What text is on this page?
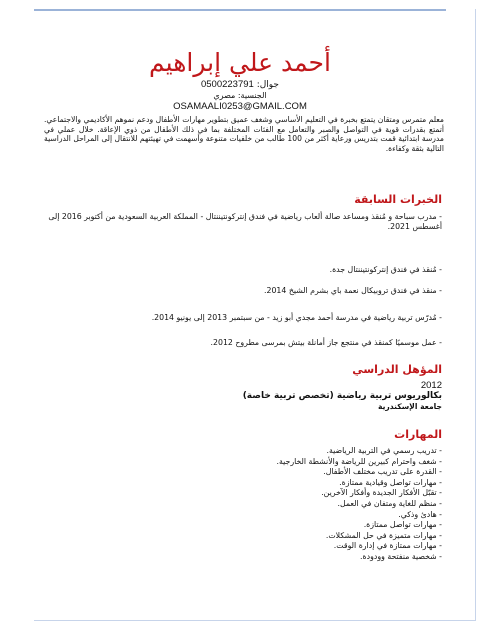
أحمد علي إبراهيم
جوال: 0500223791
الجنسية: مصري
OSAMAALI0253@GMAIL.COM
معلم متمرس ومتقان يتمتع بخبرة في التعليم الأساسي وشغف عميق بتطوير مهارات الأطفال ودعم نموهم الأكاديمي والاجتماعي. أتمتع بقدرات قوية في التواصل والصبر والتعامل مع الفئات المختلفة بما في ذلك الأطفال من ذوي الإعاقة. خلال عملي في مدرسة ابتدائية قمت بتدريس ورعاية أكثر من 100 طالب من خلفيات متنوعة وأسهمت في تهيئتهم للانتقال إلى المراحل الدراسية التالية بثقة وكفاءة.
الخبرات السابقة
- مدرب سباحة و مُنقذ ومساعد صالة ألعاب رياضية في فندق إنتركونتيننتال - المملكة العربية السعودية من أكتوبر 2016 إلى أغسطس 2021.
- مُنقذ في فندق إنتركونتيننتال جدة.
- منقذ في فندق تروبيكال نعمة باي بشرم الشيخ 2014.
- مُدرّس تربية رياضية في مدرسة أحمد مجدي أبو زيد - من سبتمبر 2013 إلى يونيو 2014.
- عمل موسميًا كمنقذ في منتجع جاز أمانلة بيتش بمرسى مطروح 2012.
المؤهل الدراسي
2012
بكالوريوس تربية رياضية (تخصص تربية خاصة)
جامعة الإسكندرية
المهارات
- تدريب رسمي في التربية الرياضية.
- شغف واحترام كبيرين للرياضة والأنشطة الخارجية.
- القدرة على تدريب مختلف الأطفال.
- مهارات تواصل وقيادية ممتازة.
- تقبّل الأفكار الجديدة وأفكار الآخرين.
- منظم للغاية ومتفان في العمل.
- هادئ وذكي.
- مهارات تواصل ممتازة.
- مهارات متميزة في حل المشكلات.
- مهارات ممتازة في إدارة الوقت.
- شخصية منفتحة وودودة.
